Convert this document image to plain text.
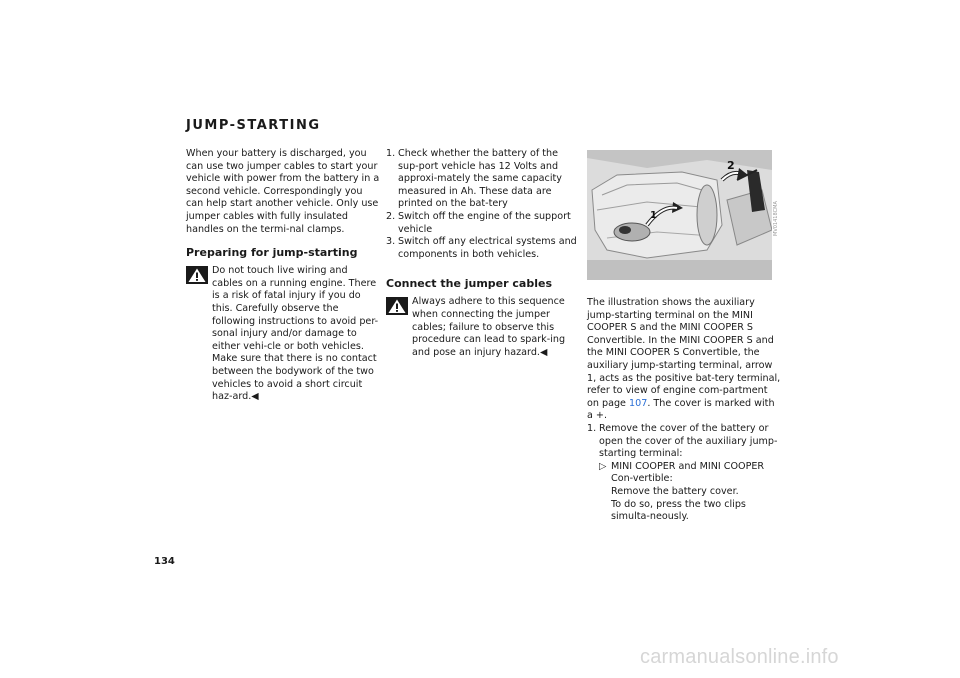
JUMP-STARTING

When your battery is discharged, you can use two jumper cables to start your vehicle with power from the battery in a second vehicle. Correspondingly you can help start another vehicle. Only use jumper cables with fully insulated handles on the termi-nal clamps.

Preparing for jump-starting

Do not touch live wiring and cables on a running engine. There is a risk of fatal injury if you do this. Carefully observe the following instructions to avoid per-sonal injury and/or damage to either vehi-cle or both vehicles. Make sure that there is no contact between the bodywork of the two vehicles to avoid a short circuit haz-ard.◀

1. Check whether the battery of the sup-port vehicle has 12 Volts and approxi-mately the same capacity measured in Ah. These data are printed on the bat-tery
2. Switch off the engine of the support vehicle
3. Switch off any electrical systems and components in both vehicles.
Connect the jumper cables

Always adhere to this sequence when connecting the jumper cables; failure to observe this procedure can lead to spark-ing and pose an injury hazard.◀

1
2
MV01418CMA

The illustration shows the auxiliary jump-starting terminal on the MINI COOPER S and the MINI COOPER S Convertible. In the MINI COOPER S and the MINI COOPER S Convertible, the auxiliary jump-starting terminal, arrow 1, acts as the positive bat-tery terminal, refer to view of engine com-partment on page 107. The cover is marked with a +.

1. Remove the cover of the battery or open the cover of the auxiliary jump-starting terminal:
▷ MINI COOPER and MINI COOPER Con-vertible:
Remove the battery cover.
To do so, press the two clips simulta-neously.
134
carmanualsonline.info
